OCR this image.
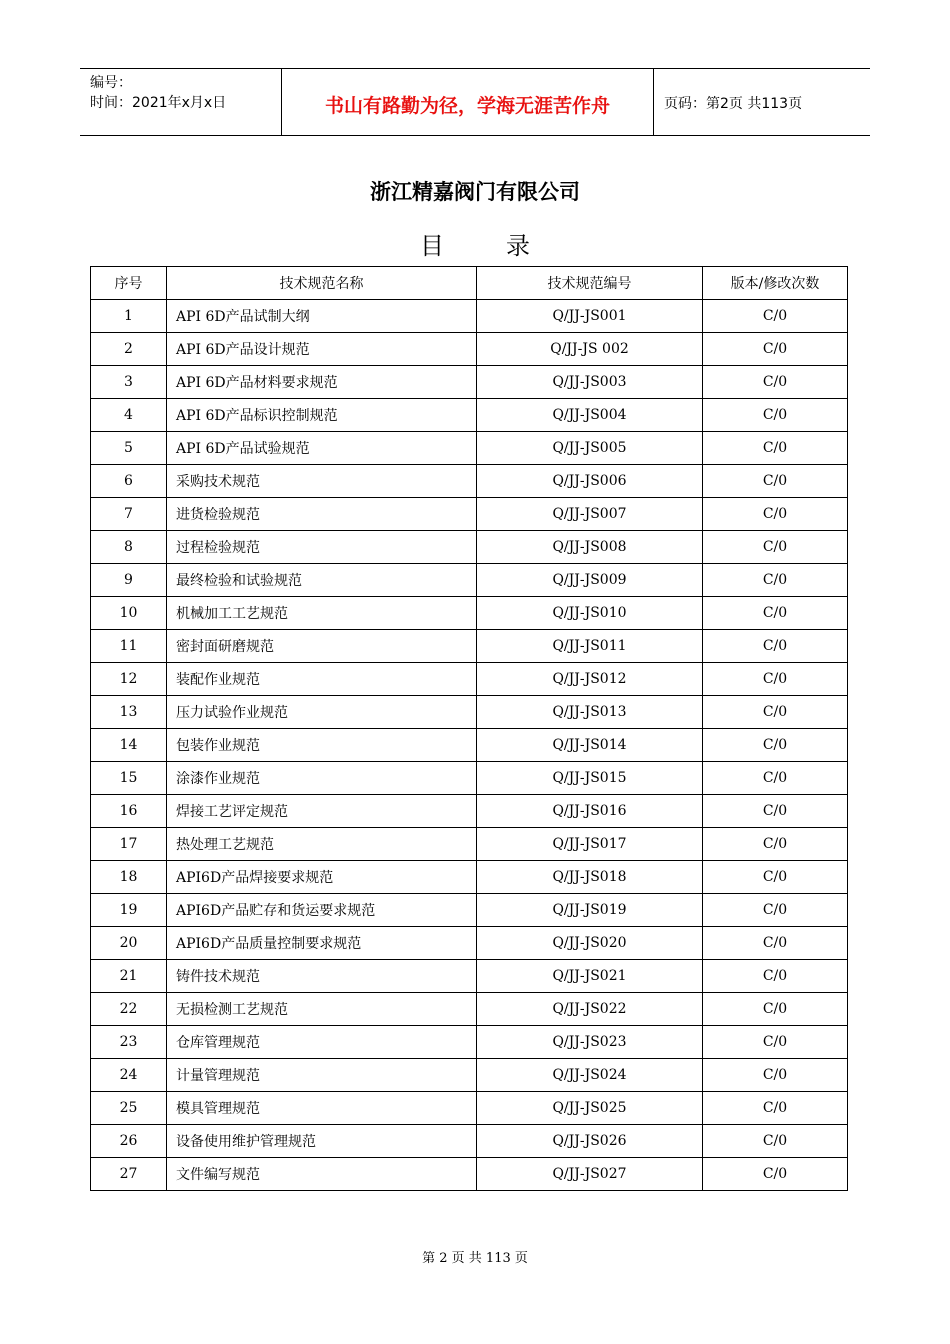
编号：
时间：2021年x月x日	书山有路勤为径，学海无涯苦作舟	页码：第2页 共113页
浙江精嘉阀门有限公司
目	录
序号	技术规范名称	技术规范编号	版本/修改次数
1	API 6D产品试制大纲	Q/JJ-JS001	C/0
2	API 6D产品设计规范	Q/JJ-JS 002	C/0
3	API 6D产品材料要求规范	Q/JJ-JS003	C/0
4	API 6D产品标识控制规范	Q/JJ-JS004	C/0
5	API 6D产品试验规范	Q/JJ-JS005	C/0
6	采购技术规范	Q/JJ-JS006	C/0
7	进货检验规范	Q/JJ-JS007	C/0
8	过程检验规范	Q/JJ-JS008	C/0
9	最终检验和试验规范	Q/JJ-JS009	C/0
10	机械加工工艺规范	Q/JJ-JS010	C/0
11	密封面研磨规范	Q/JJ-JS011	C/0
12	装配作业规范	Q/JJ-JS012	C/0
13	压力试验作业规范	Q/JJ-JS013	C/0
14	包装作业规范	Q/JJ-JS014	C/0
15	涂漆作业规范	Q/JJ-JS015	C/0
16	焊接工艺评定规范	Q/JJ-JS016	C/0
17	热处理工艺规范	Q/JJ-JS017	C/0
18	API6D产品焊接要求规范	Q/JJ-JS018	C/0
19	API6D产品贮存和货运要求规范	Q/JJ-JS019	C/0
20	API6D产品质量控制要求规范	Q/JJ-JS020	C/0
21	铸件技术规范	Q/JJ-JS021	C/0
22	无损检测工艺规范	Q/JJ-JS022	C/0
23	仓库管理规范	Q/JJ-JS023	C/0
24	计量管理规范	Q/JJ-JS024	C/0
25	模具管理规范	Q/JJ-JS025	C/0
26	设备使用维护管理规范	Q/JJ-JS026	C/0
27	文件编写规范	Q/JJ-JS027	C/0
第 2 页 共 113 页
